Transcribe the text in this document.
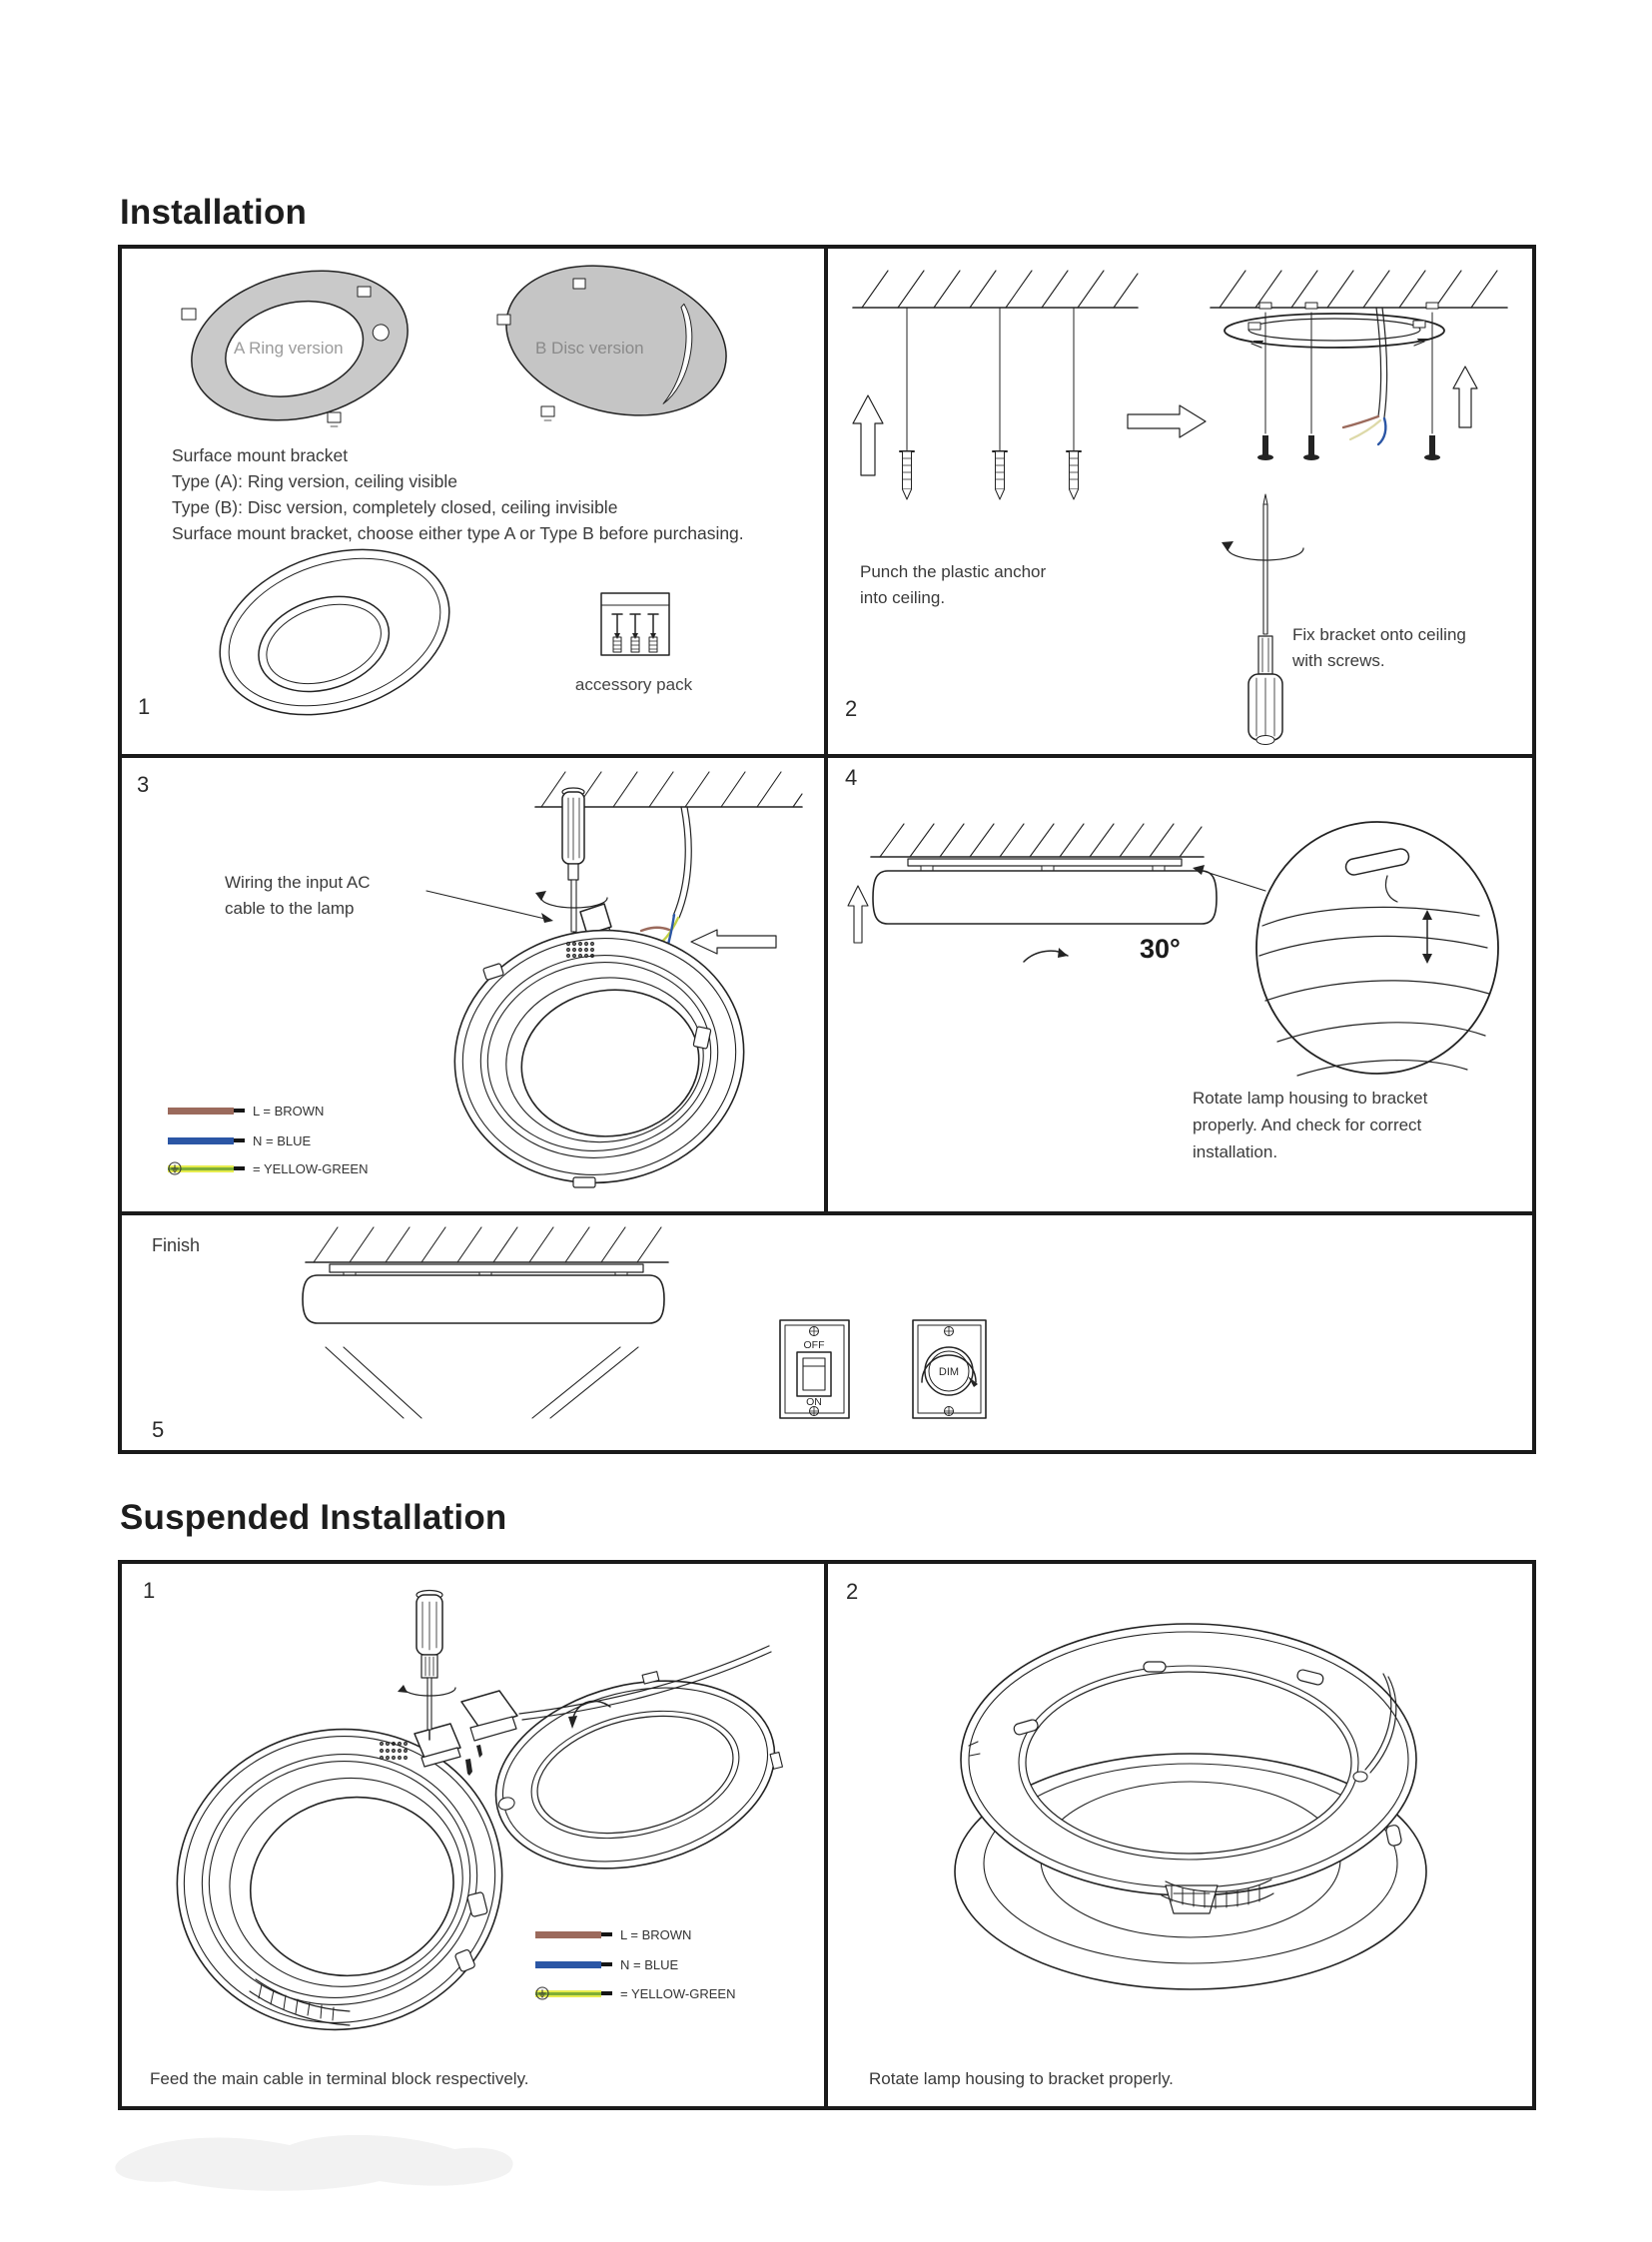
Installation
A Ring version	B Disc version
Surface mount bracket
Type (A): Ring version, ceiling visible
Type (B): Disc version, completely closed, ceiling invisible
Surface mount bracket, choose either type A or Type B before purchasing.
accessory pack
1
Punch the plastic anchor
into ceiling.
Fix bracket onto ceiling
with screws.
2
Wiring the input AC
cable to the lamp
L = BROWN
N = BLUE
= YELLOW-GREEN
3
30°
Rotate lamp housing to bracket
properly. And check for correct
installation.
4
OFF
ON
DIM
Finish
5
Suspended Installation
L = BROWN
N = BLUE
= YELLOW-GREEN
Feed the main cable in terminal block respectively.
1
Rotate lamp housing to bracket properly.
2
